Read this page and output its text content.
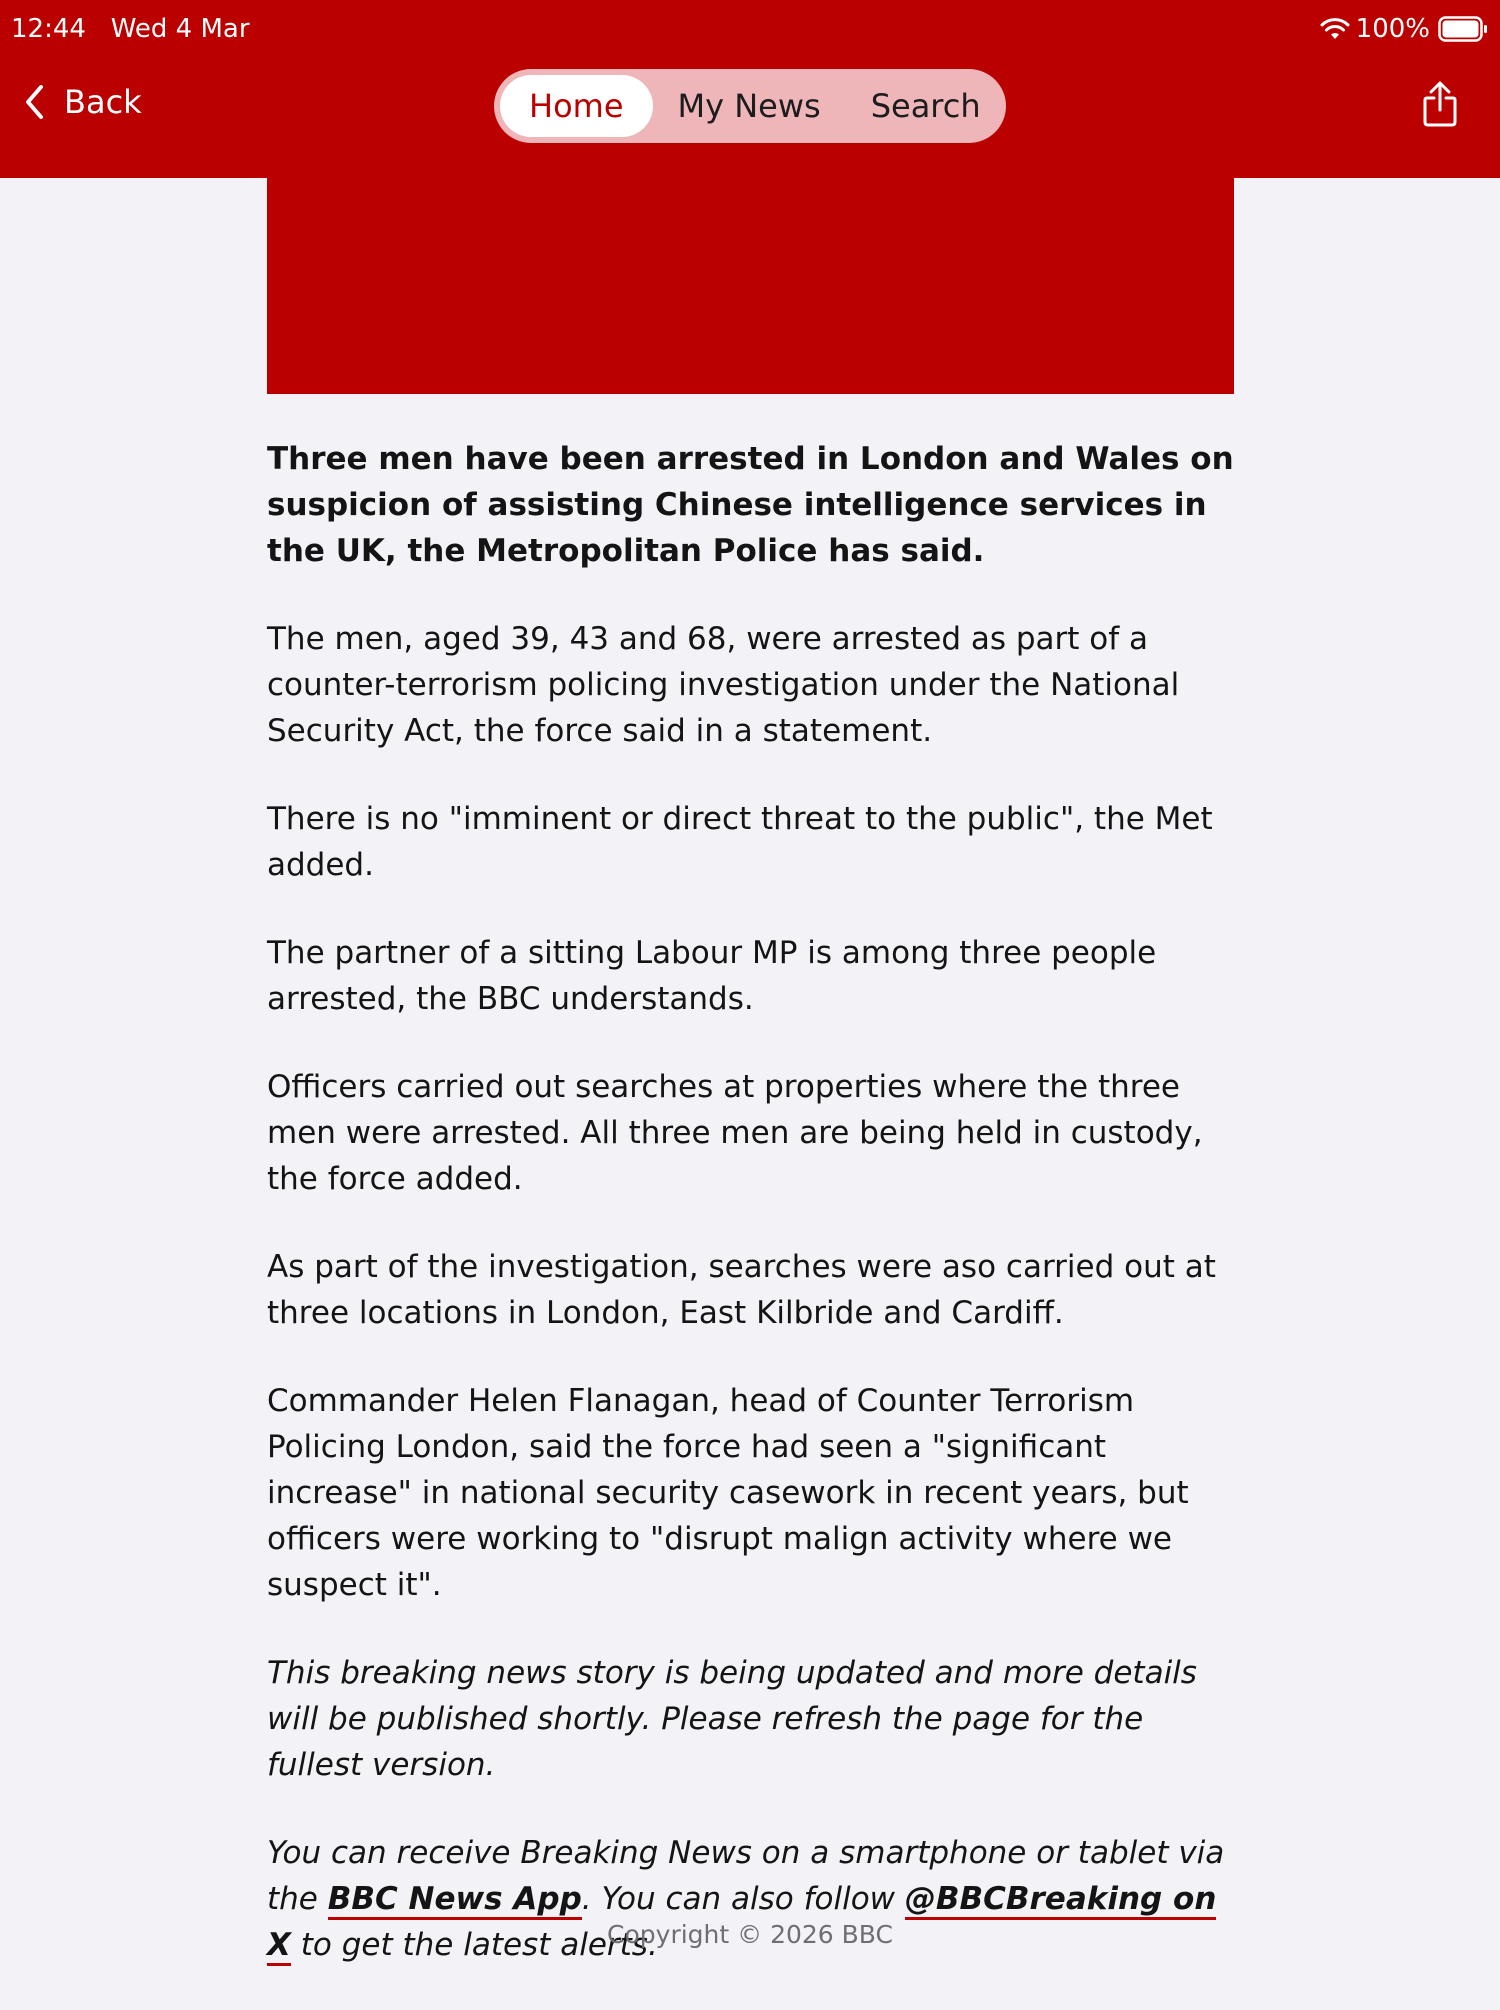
12:44 Wed 4 Mar	100%
Back	Home	My News	Search

Three men have been arrested in London and Wales on suspicion of assisting Chinese intelligence services in the UK, the Metropolitan Police has said.

The men, aged 39, 43 and 68, were arrested as part of a counter-terrorism policing investigation under the National Security Act, the force said in a statement.

There is no "imminent or direct threat to the public", the Met added.

The partner of a sitting Labour MP is among three people arrested, the BBC understands.

Officers carried out searches at properties where the three men were arrested. All three men are being held in custody, the force added.

As part of the investigation, searches were aso carried out at three locations in London, East Kilbride and Cardiff.

Commander Helen Flanagan, head of Counter Terrorism Policing London, said the force had seen a "significant increase" in national security casework in recent years, but officers were working to "disrupt malign activity where we suspect it".

This breaking news story is being updated and more details will be published shortly. Please refresh the page for the fullest version.

You can receive Breaking News on a smartphone or tablet via the BBC News App. You can also follow @BBCBreaking on X to get the latest alerts.

Copyright © 2026 BBC
